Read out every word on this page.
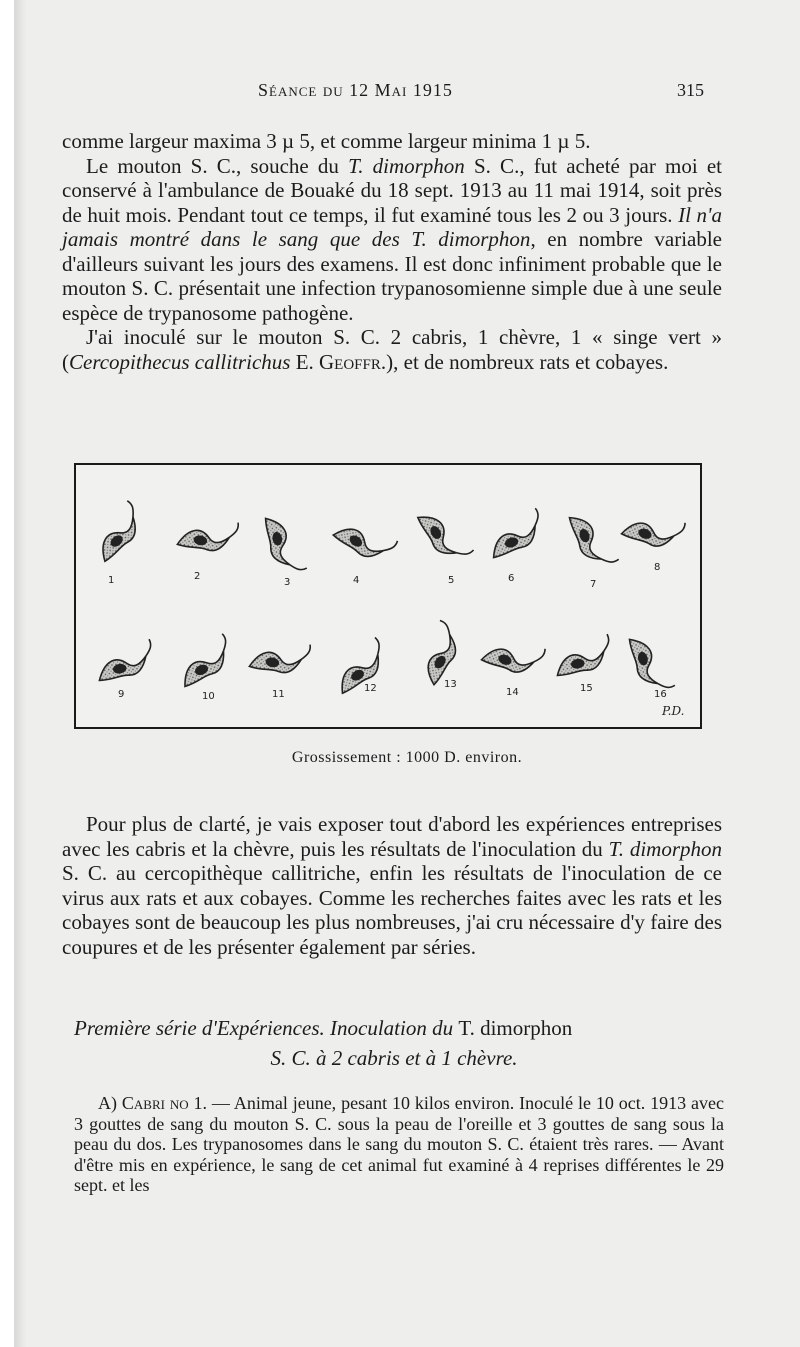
Séance du 12 Mai 1915	315

comme largeur maxima 3 µ 5, et comme largeur minima 1 µ 5.

Le mouton S. C., souche du T. dimorphon S. C., fut acheté par moi et conservé à l'ambulance de Bouaké du 18 sept. 1913 au 11 mai 1914, soit près de huit mois. Pendant tout ce temps, il fut examiné tous les 2 ou 3 jours. Il n'a jamais montré dans le sang que des T. dimorphon, en nombre variable d'ailleurs suivant les jours des examens. Il est donc infiniment probable que le mouton S. C. présentait une infection trypanosomienne simple due à une seule espèce de trypanosome pathogène.

J'ai inoculé sur le mouton S. C. 2 cabris, 1 chèvre, 1 « singe vert » (Cercopithecus callitrichus E. Geoffr.), et de nombreux rats et cobayes.

1	2
3	4	5	6
7
8
9	10	11
12	13
14	15
16
P.D.
Grossissement : 1000 D. environ.

Pour plus de clarté, je vais exposer tout d'abord les expériences entreprises avec les cabris et la chèvre, puis les résultats de l'inoculation du T. dimorphon S. C. au cercopithèque callitriche, enfin les résultats de l'inoculation de ce virus aux rats et aux cobayes. Comme les recherches faites avec les rats et les cobayes sont de beaucoup les plus nombreuses, j'ai cru nécessaire d'y faire des coupures et de les présenter également par séries.

Première série d'Expériences. Inoculation du T. dimorphon
S. C. à 2 cabris et à 1 chèvre.

A) Cabri no 1. — Animal jeune, pesant 10 kilos environ. Inoculé le 10 oct. 1913 avec 3 gouttes de sang du mouton S. C. sous la peau de l'oreille et 3 gouttes de sang sous la peau du dos. Les trypanosomes dans le sang du mouton S. C. étaient très rares. — Avant d'être mis en expérience, le sang de cet animal fut examiné à 4 reprises différentes le 29 sept. et les
